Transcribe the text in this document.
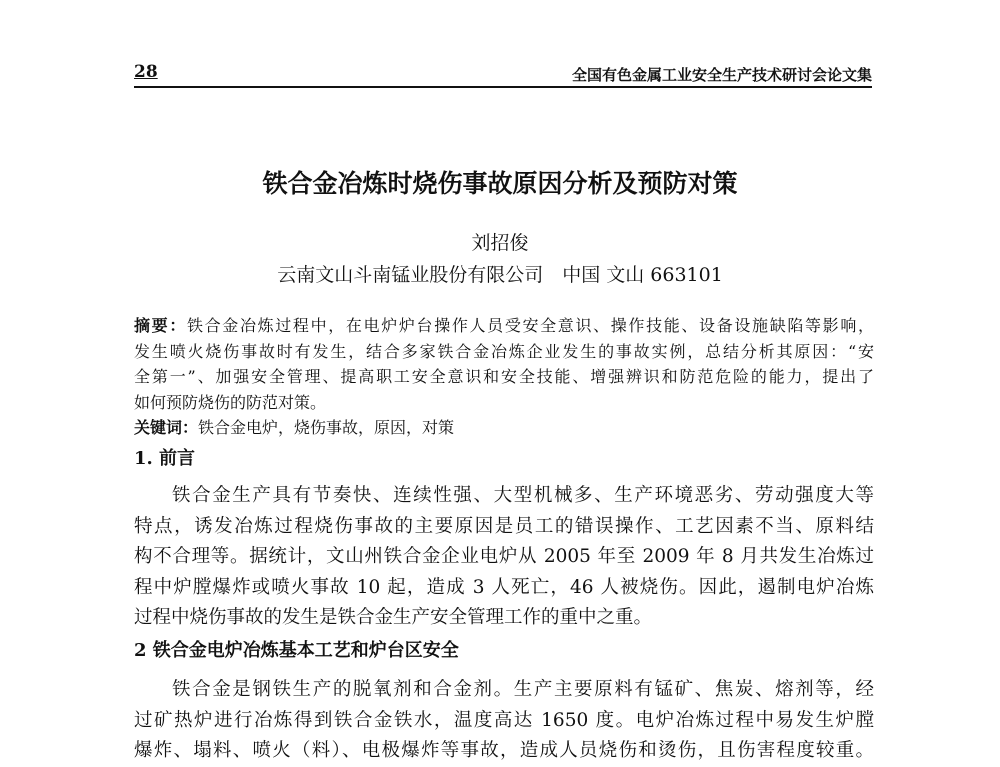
28	全国有色金属工业安全生产技术研讨会论文集
铁合金冶炼时烧伤事故原因分析及预防对策
刘招俊
云南文山斗南锰业股份有限公司　中国 文山 663101
摘要：铁合金冶炼过程中，在电炉炉台操作人员受安全意识、操作技能、设备设施缺陷等影响，
发生喷火烧伤事故时有发生，结合多家铁合金冶炼企业发生的事故实例，总结分析其原因：“安
全第一”、加强安全管理、提高职工安全意识和安全技能、增强辨识和防范危险的能力，提出了
如何预防烧伤的防范对策。
关键词：铁合金电炉，烧伤事故，原因，对策
1. 前言
铁合金生产具有节奏快、连续性强、大型机械多、生产环境恶劣、劳动强度大等
特点，诱发冶炼过程烧伤事故的主要原因是员工的错误操作、工艺因素不当、原料结
构不合理等。据统计，文山州铁合金企业电炉从 2005 年至 2009 年 8 月共发生冶炼过
程中炉膛爆炸或喷火事故 10 起，造成 3 人死亡，46 人被烧伤。因此，遏制电炉冶炼
过程中烧伤事故的发生是铁合金生产安全管理工作的重中之重。
2 铁合金电炉冶炼基本工艺和炉台区安全
铁合金是钢铁生产的脱氧剂和合金剂。生产主要原料有锰矿、焦炭、熔剂等，经
过矿热炉进行冶炼得到铁合金铁水，温度高达 1650 度。电炉冶炼过程中易发生炉膛
爆炸、塌料、喷火（料）、电极爆炸等事故，造成人员烧伤和烫伤，且伤害程度较重。
